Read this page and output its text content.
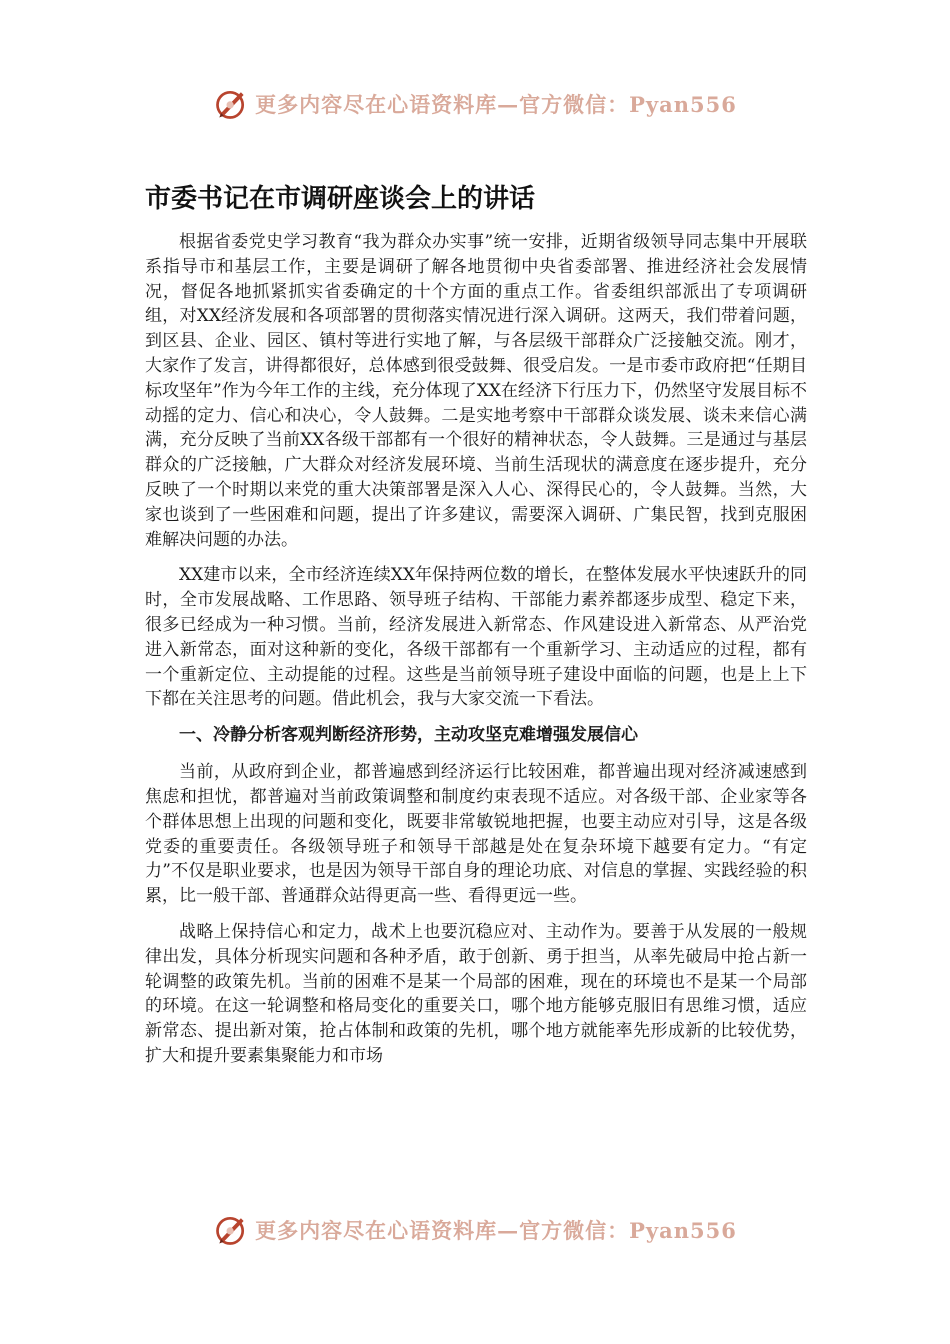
更多内容尽在心语资料库—官方微信：Pyan556
市委书记在市调研座谈会上的讲话

根据省委党史学习教育“我为群众办实事”统一安排，近期省级领导同志集中开展联系指导市和基层工作，主要是调研了解各地贯彻中央省委部署、推进经济社会发展情况，督促各地抓紧抓实省委确定的十个方面的重点工作。省委组织部派出了专项调研组，对XX经济发展和各项部署的贯彻落实情况进行深入调研。这两天，我们带着问题，到区县、企业、园区、镇村等进行实地了解，与各层级干部群众广泛接触交流。刚才，大家作了发言，讲得都很好，总体感到很受鼓舞、很受启发。一是市委市政府把“任期目标攻坚年”作为今年工作的主线，充分体现了XX在经济下行压力下，仍然坚守发展目标不动摇的定力、信心和决心，令人鼓舞。二是实地考察中干部群众谈发展、谈未来信心满满，充分反映了当前XX各级干部都有一个很好的精神状态，令人鼓舞。三是通过与基层群众的广泛接触，广大群众对经济发展环境、当前生活现状的满意度在逐步提升，充分反映了一个时期以来党的重大决策部署是深入人心、深得民心的，令人鼓舞。当然，大家也谈到了一些困难和问题，提出了许多建议，需要深入调研、广集民智，找到克服困难解决问题的办法。

XX建市以来，全市经济连续XX年保持两位数的增长，在整体发展水平快速跃升的同时，全市发展战略、工作思路、领导班子结构、干部能力素养都逐步成型、稳定下来，很多已经成为一种习惯。当前，经济发展进入新常态、作风建设进入新常态、从严治党进入新常态，面对这种新的变化，各级干部都有一个重新学习、主动适应的过程，都有一个重新定位、主动提能的过程。这些是当前领导班子建设中面临的问题，也是上上下下都在关注思考的问题。借此机会，我与大家交流一下看法。

一、冷静分析客观判断经济形势，主动攻坚克难增强发展信心

当前，从政府到企业，都普遍感到经济运行比较困难，都普遍出现对经济减速感到焦虑和担忧，都普遍对当前政策调整和制度约束表现不适应。对各级干部、企业家等各个群体思想上出现的问题和变化，既要非常敏锐地把握，也要主动应对引导，这是各级党委的重要责任。各级领导班子和领导干部越是处在复杂环境下越要有定力。“有定力”不仅是职业要求，也是因为领导干部自身的理论功底、对信息的掌握、实践经验的积累，比一般干部、普通群众站得更高一些、看得更远一些。

战略上保持信心和定力，战术上也要沉稳应对、主动作为。要善于从发展的一般规律出发，具体分析现实问题和各种矛盾，敢于创新、勇于担当，从率先破局中抢占新一轮调整的政策先机。当前的困难不是某一个局部的困难，现在的环境也不是某一个局部的环境。在这一轮调整和格局变化的重要关口，哪个地方能够克服旧有思维习惯，适应新常态、提出新对策，抢占体制和政策的先机，哪个地方就能率先形成新的比较优势，扩大和提升要素集聚能力和市场

更多内容尽在心语资料库—官方微信：Pyan556
